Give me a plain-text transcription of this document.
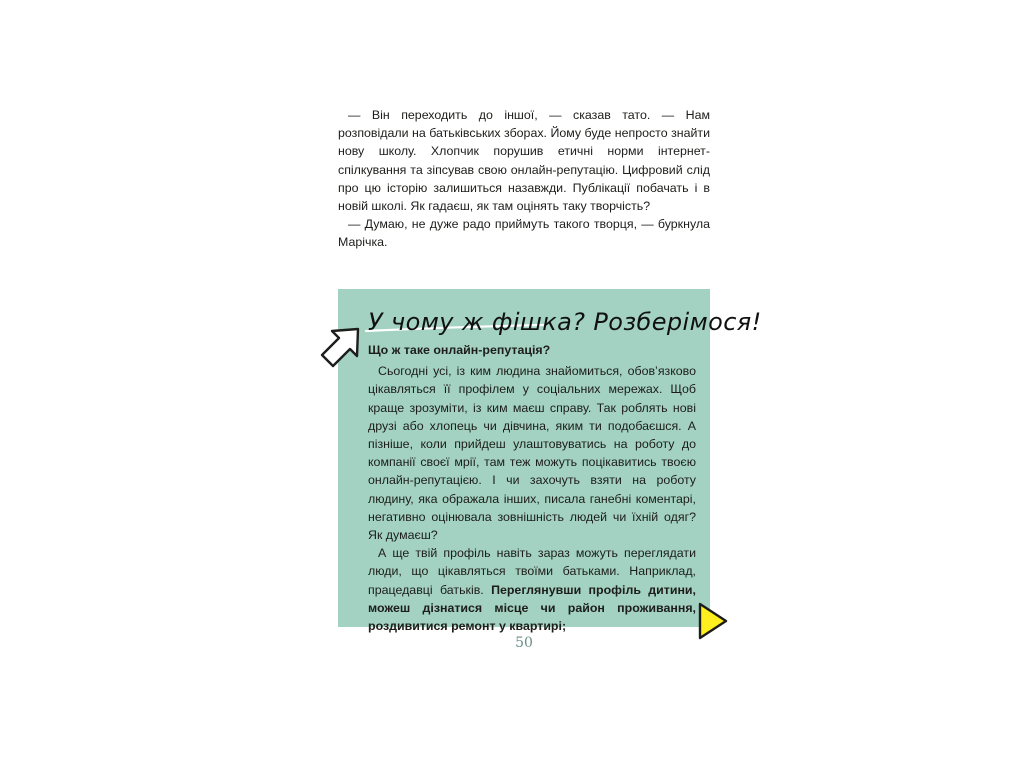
— Він переходить до іншої, — сказав тато. — Нам розповідали на батьківських зборах. Йому буде непросто знайти нову школу. Хлопчик порушив етичні норми інтернет-спілкування та зіпсував свою онлайн-репутацію. Цифровий слід про цю історію залишиться назавжди. Публікації побачать і в новій школі. Як гадаєш, як там оцінять таку творчість?

— Думаю, не дуже радо приймуть такого творця, — буркнула Марічка.

У чому ж фішка? Розберімося!
Що ж таке онлайн-репутація?

Сьогодні усі, із ким людина знайомиться, обов’язково цікавляться її профілем у соціальних мережах. Щоб краще зрозуміти, із ким маєш справу. Так роблять нові друзі або хлопець чи дівчина, яким ти подобаєшся. А пізніше, коли прийдеш улаштовуватись на роботу до компанії своєї мрії, там теж можуть поцікавитись твоєю онлайн-репутацією. І чи захочуть взяти на роботу людину, яка ображала інших, писала ганебні коментарі, негативно оцінювала зовнішність людей чи їхній одяг? Як думаєш?

А ще твій профіль навіть зараз можуть переглядати люди, що цікавляться твоїми батьками. Наприклад, працедавці батьків. Переглянувши профіль дитини, можеш дізнатися місце чи район проживання, роздивитися ремонт у квартирі;

50
